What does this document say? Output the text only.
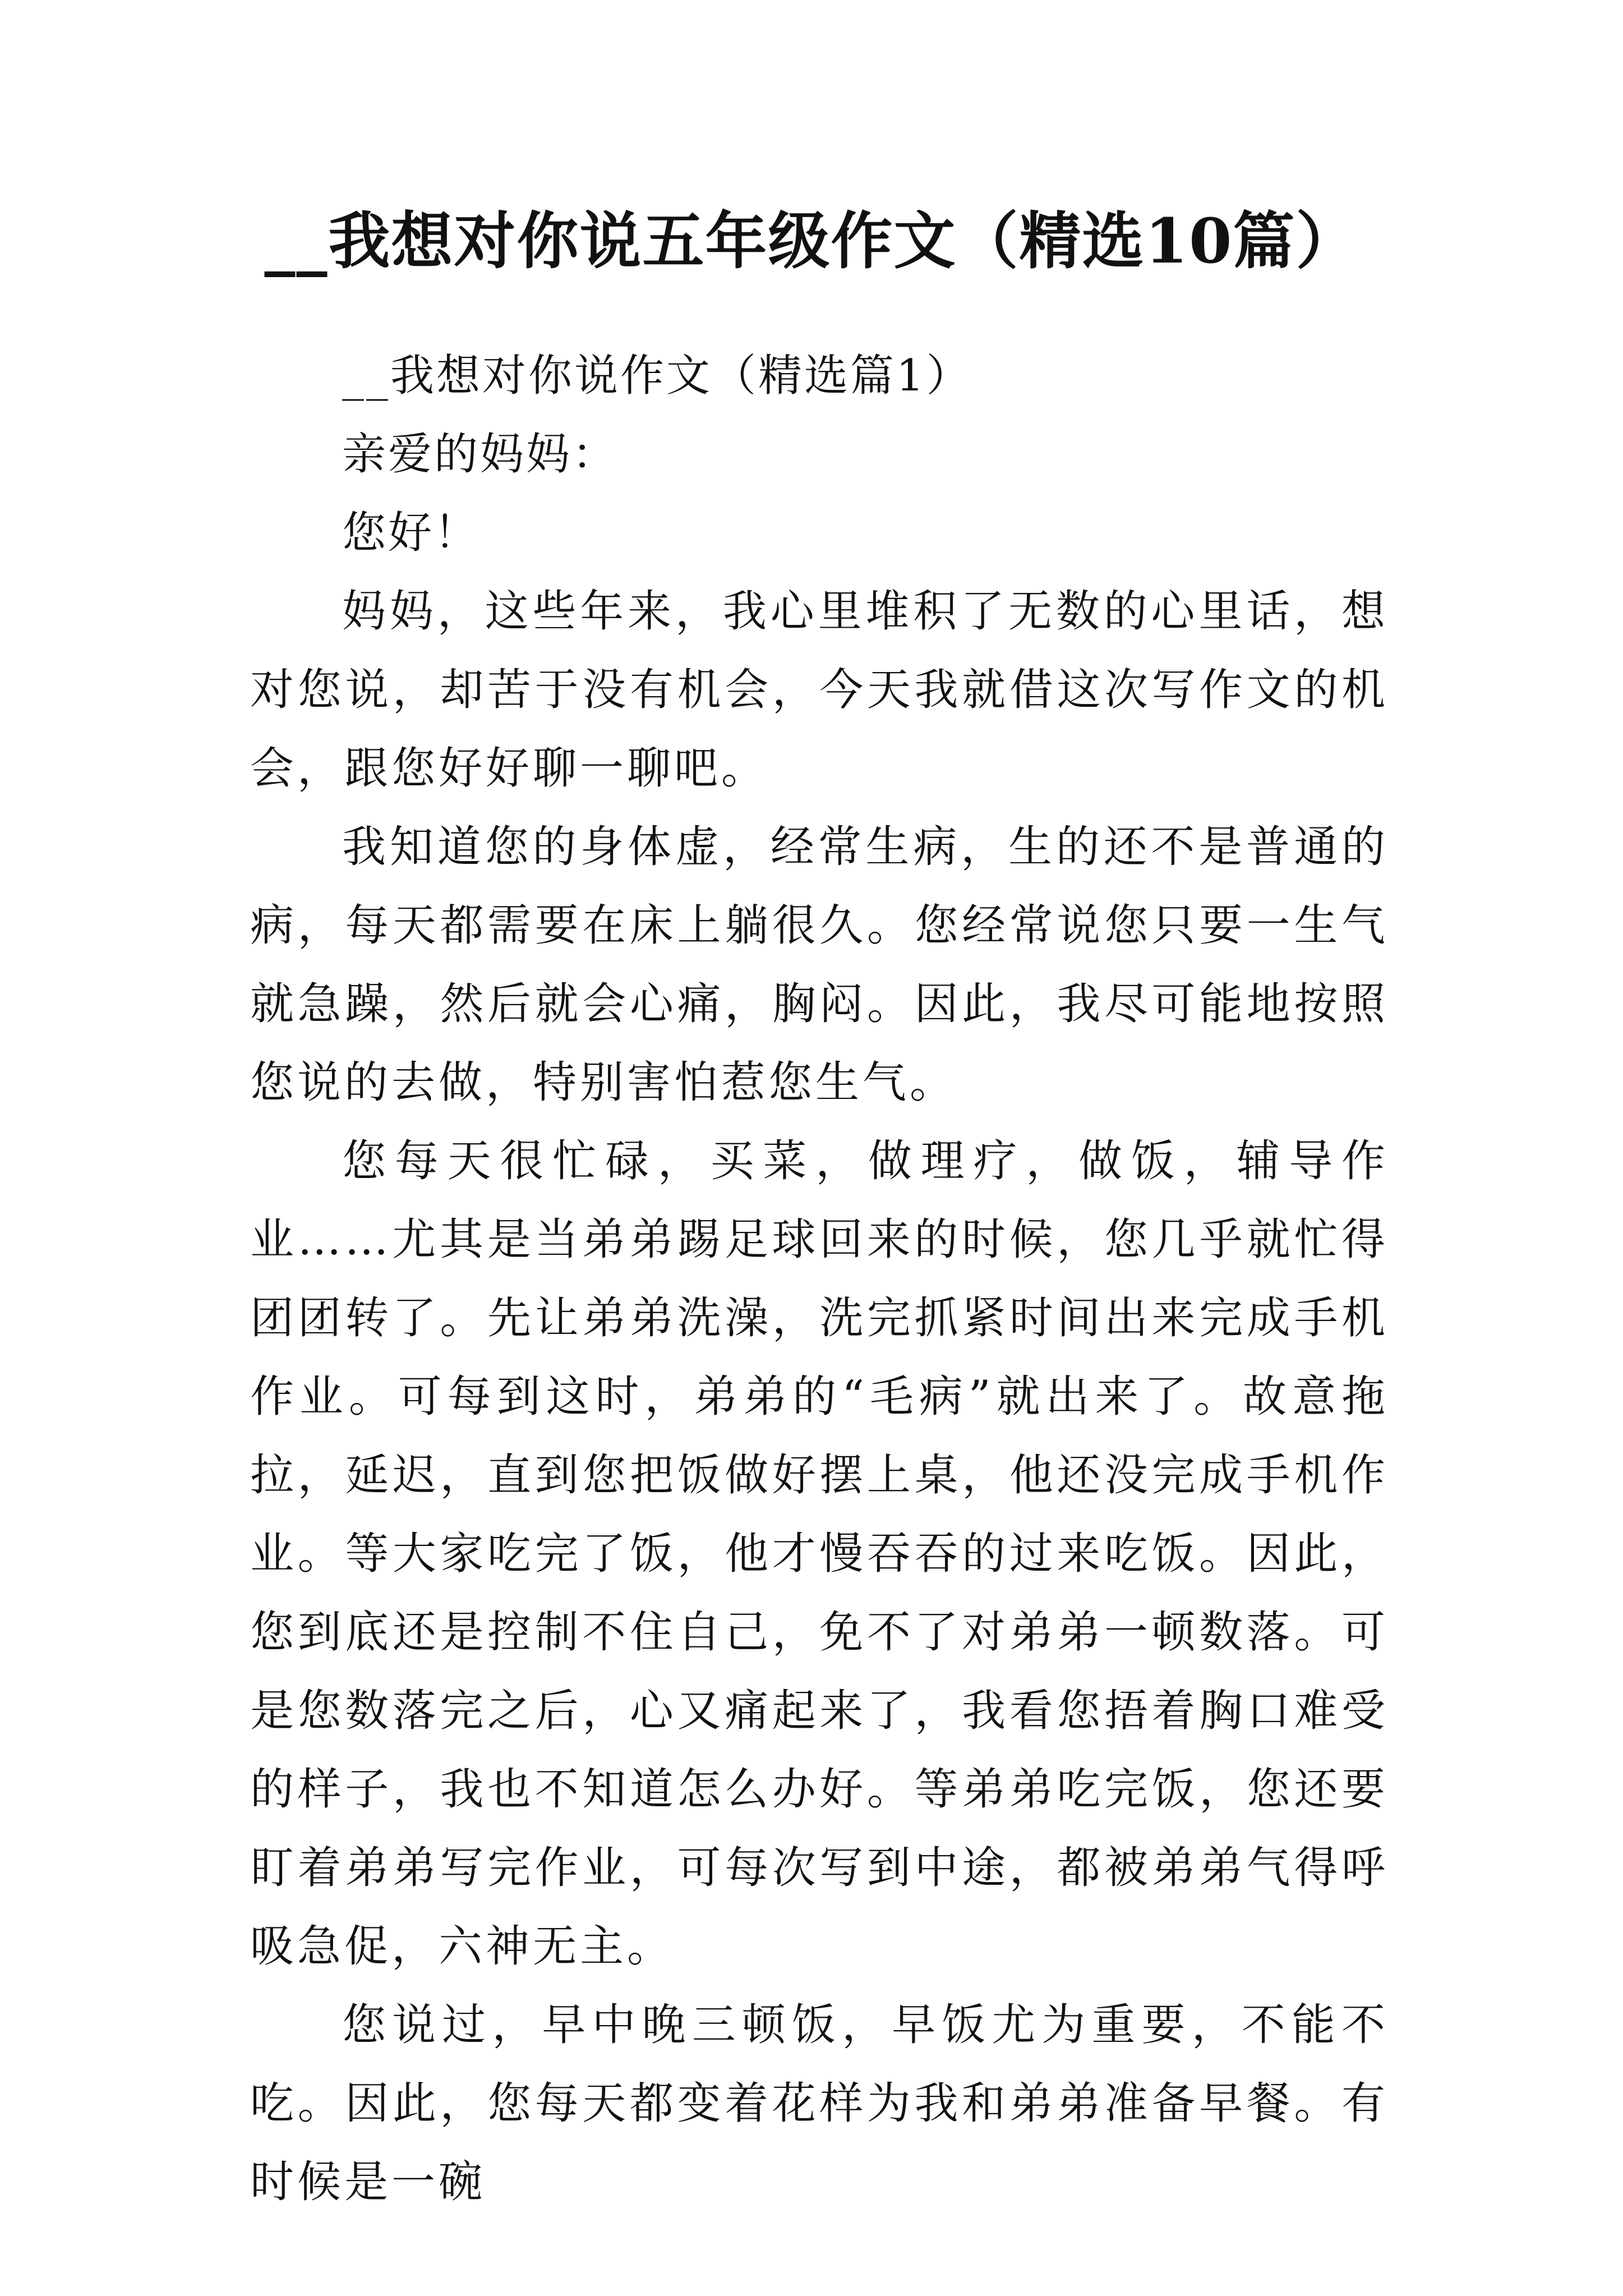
__我想对你说五年级作文（精选10篇）

__我想对你说作文（精选篇1）

亲爱的妈妈：

您好！

妈妈，这些年来，我心里堆积了无数的心里话，想对您说，却苦于没有机会，今天我就借这次写作文的机会，跟您好好聊一聊吧。

我知道您的身体虚，经常生病，生的还不是普通的病，每天都需要在床上躺很久。您经常说您只要一生气就急躁，然后就会心痛，胸闷。因此，我尽可能地按照您说的去做，特别害怕惹您生气。

您每天很忙碌，买菜，做理疗，做饭，辅导作业……尤其是当弟弟踢足球回来的时候，您几乎就忙得团团转了。先让弟弟洗澡，洗完抓紧时间出来完成手机作业。可每到这时，弟弟的“毛病”就出来了。故意拖拉，延迟，直到您把饭做好摆上桌，他还没完成手机作业。等大家吃完了饭，他才慢吞吞的过来吃饭。因此，您到底还是控制不住自己，免不了对弟弟一顿数落。可是您数落完之后，心又痛起来了，我看您捂着胸口难受的样子，我也不知道怎么办好。等弟弟吃完饭，您还要盯着弟弟写完作业，可每次写到中途，都被弟弟气得呼吸急促，六神无主。

您说过，早中晚三顿饭，早饭尤为重要，不能不吃。因此，您每天都变着花样为我和弟弟准备早餐。有时候是一碗
